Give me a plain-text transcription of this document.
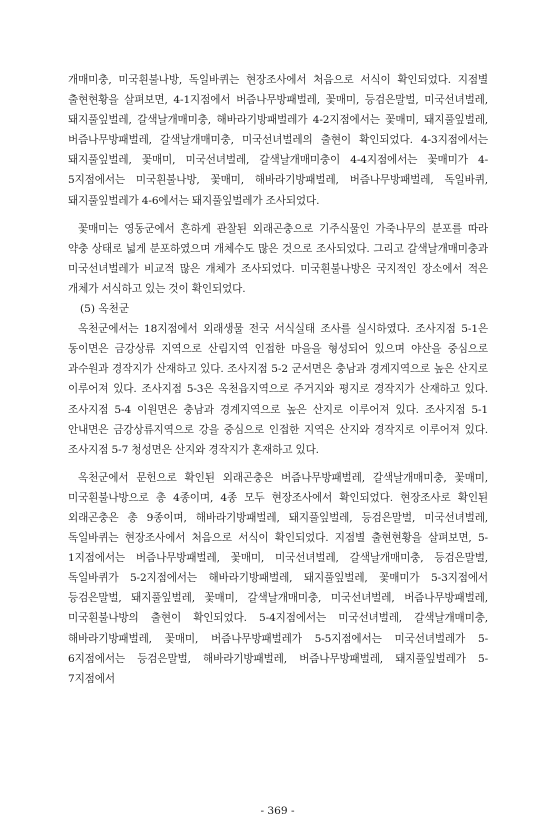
개매미충, 미국흰불나방, 독일바퀴는 현장조사에서 처음으로 서식이 확인되었다. 지점별 출현현황을 살펴보면, 4-1지점에서 버즘나무방패벌레, 꽃매미, 등검은말벌, 미국선녀벌레, 돼지풀잎벌레, 갈색날개매미충, 해바라기방패벌레가 4-2지점에서는 꽃매미, 돼지풀잎벌레, 버즘나무방패벌레, 갈색날개매미충, 미국선녀벌레의 출현이 확인되었다. 4-3지점에서는 돼지풀잎벌레, 꽃매미, 미국선녀벌레, 갈색날개매미충이 4-4지점에서는 꽃매미가 4-5지점에서는 미국흰불나방, 꽃매미, 해바라기방패벌레, 버즘나무방패벌레, 독일바퀴, 돼지풀잎벌레가 4-6에서는 돼지풀잎벌레가 조사되었다.

꽃매미는 영동군에서 흔하게 관찰된 외래곤충으로 기주식물인 가죽나무의 분포를 따라 약충 상태로 넓게 분포하였으며 개체수도 많은 것으로 조사되었다. 그리고 갈색날개매미충과 미국선녀벌레가 비교적 많은 개체가 조사되었다. 미국흰불나방은 국지적인 장소에서 적은 개체가 서식하고 있는 것이 확인되었다.

(5) 옥천군

옥천군에서는 18지점에서 외래생물 전국 서식실태 조사를 실시하였다. 조사지점 5-1은 동이면은 금강상류 지역으로 산림지역 인접한 마을을 형성되어 있으며 야산을 중심으로 과수원과 경작지가 산재하고 있다. 조사지점 5-2 군서면은 충남과 경계지역으로 높은 산지로 이루어져 있다. 조사지점 5-3은 옥천읍지역으로 주거지와 평지로 경작지가 산재하고 있다. 조사지점 5-4 이원면은 충남과 경계지역으로 높은 산지로 이루어져 있다. 조사지점 5-1 안내면은 금강상류지역으로 강을 중심으로 인접한 지역은 산지와 경작지로 이루어져 있다. 조사지점 5-7 청성면은 산지와 경작지가 혼재하고 있다.

옥천군에서 문헌으로 확인된 외래곤충은 버즘나무방패벌레, 갈색날개매미충, 꽃매미, 미국흰불나방으로 총 4종이며, 4종 모두 현장조사에서 확인되었다. 현장조사로 확인된 외래곤충은 총 9종이며, 해바라기방패벌레, 돼지풀잎벌레, 등검은말벌, 미국선녀벌레, 독일바퀴는 현장조사에서 처음으로 서식이 확인되었다. 지점별 출현현황을 살펴보면, 5-1지점에서는 버즘나무방패벌레, 꽃매미, 미국선녀벌레, 갈색날개매미충, 등검은말벌, 독일바퀴가 5-2지점에서는 해바라기방패벌레, 돼지풀잎벌레, 꽃매미가 5-3지점에서 등검은말벌, 돼지풀잎벌레, 꽃매미, 갈색날개매미충, 미국선녀벌레, 버즘나무방패벌레, 미국흰불나방의 출현이 확인되었다. 5-4지점에서는 미국선녀벌레, 갈색날개매미충, 해바라기방패벌레, 꽃매미, 버즘나무방패벌레가 5-5지점에서는 미국선녀벌레가 5-6지점에서는 등검은말벌, 해바라기방패벌레, 버즘나무방패벌레, 돼지풀잎벌레가 5-7지점에서

- 369 -
